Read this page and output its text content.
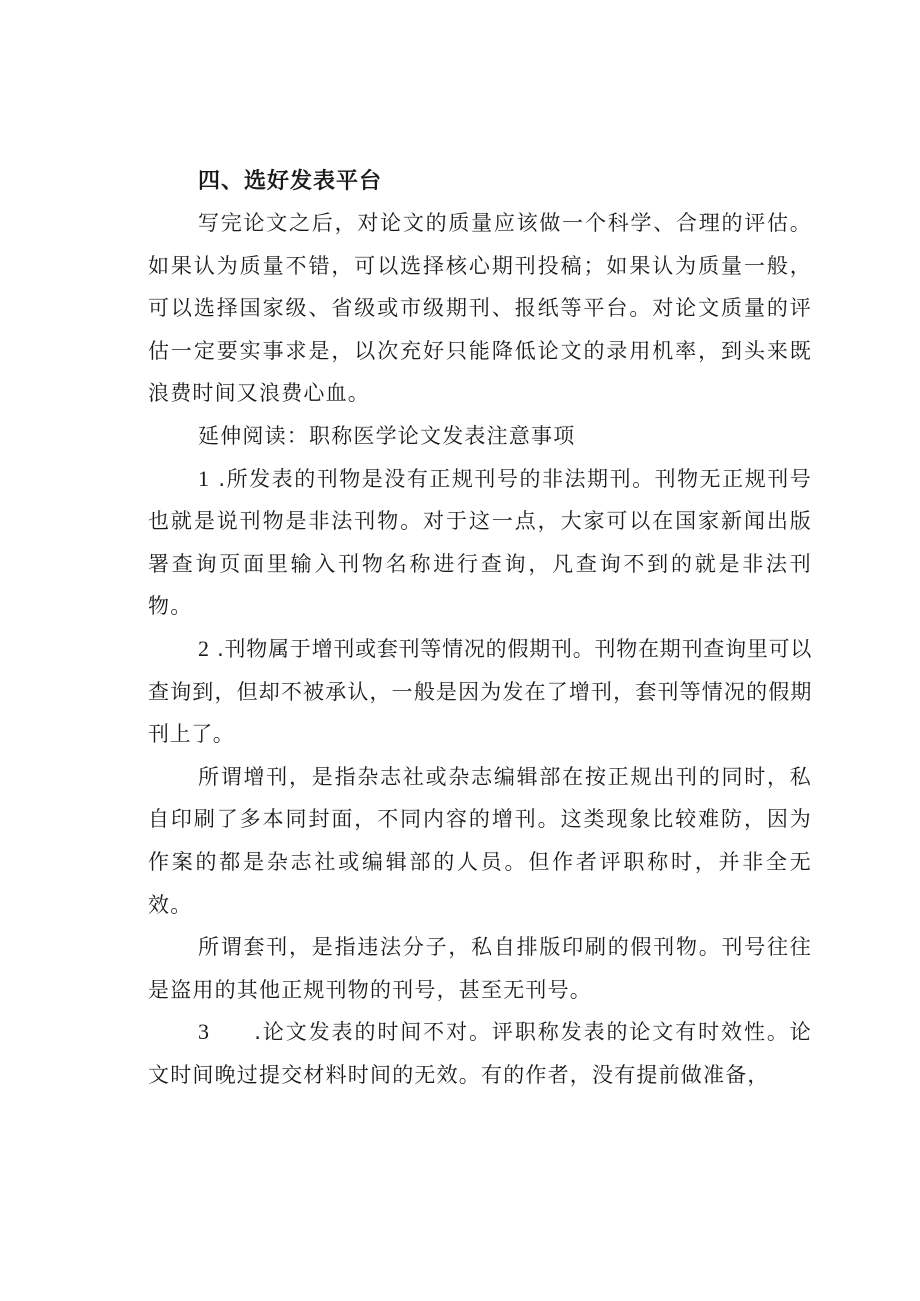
四、选好发表平台

写完论文之后，对论文的质量应该做一个科学、合理的评估。如果认为质量不错，可以选择核心期刊投稿；如果认为质量一般，可以选择国家级、省级或市级期刊、报纸等平台。对论文质量的评估一定要实事求是，以次充好只能降低论文的录用机率，到头来既浪费时间又浪费心血。

延伸阅读：职称医学论文发表注意事项

1 .所发表的刊物是没有正规刊号的非法期刊。刊物无正规刊号也就是说刊物是非法刊物。对于这一点，大家可以在国家新闻出版署查询页面里输入刊物名称进行查询，凡查询不到的就是非法刊物。

2 .刊物属于增刊或套刊等情况的假期刊。刊物在期刊查询里可以查询到，但却不被承认，一般是因为发在了增刊，套刊等情况的假期刊上了。

所谓增刊，是指杂志社或杂志编辑部在按正规出刊的同时，私自印刷了多本同封面，不同内容的增刊。这类现象比较难防，因为作案的都是杂志社或编辑部的人员。但作者评职称时，并非全无效。

所谓套刊，是指违法分子，私自排版印刷的假刊物。刊号往往是盗用的其他正规刊物的刊号，甚至无刊号。

3 .论文发表的时间不对。评职称发表的论文有时效性。论文时间晚过提交材料时间的无效。有的作者，没有提前做准备，
